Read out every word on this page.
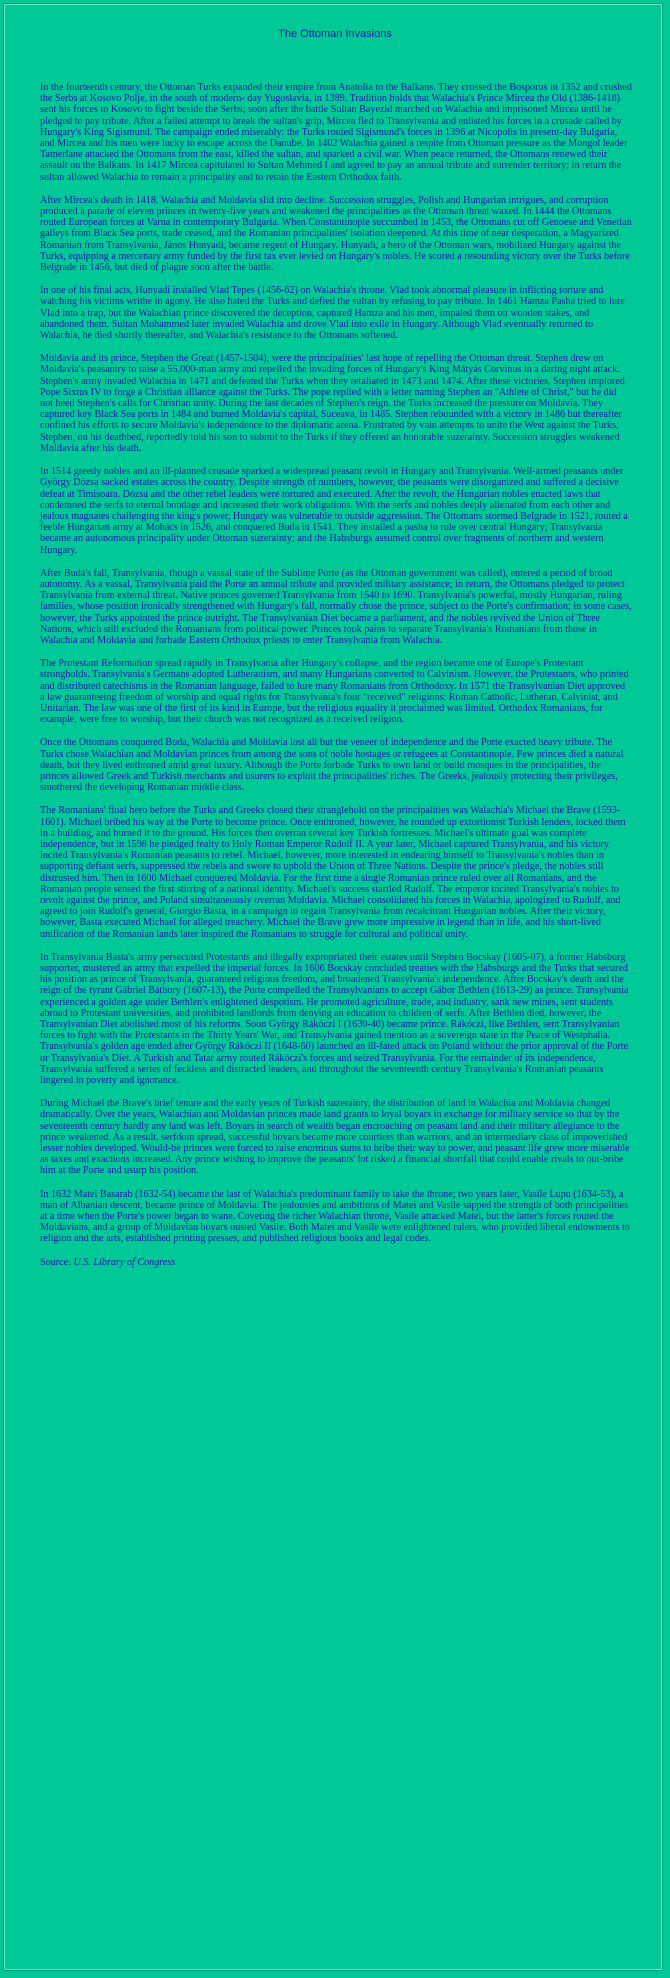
The Ottoman Invasions

In the fourteenth century, the Ottoman Turks expanded their empire from Anatolia to the Balkans. They crossed the Bosporus in 1352 and crushed the Serbs at Kosovo Polje, in the south of modern- day Yugoslavia, in 1389. Tradition holds that Walachia's Prince Mircea the Old (1386-1418) sent his forces to Kosovo to fight beside the Serbs; soon after the battle Sultan Bayezid marched on Walachia and imprisoned Mircea until he pledged to pay tribute. After a failed attempt to break the sultan's grip, Mircea fled to Transylvania and enlisted his forces in a crusade called by Hungary's King Sigismund. The campaign ended miserably: the Turks routed Sigismund's forces in 1396 at Nicopolis in present-day Bulgaria, and Mircea and his men were lucky to escape across the Danube. In 1402 Walachia gained a respite from Ottoman pressure as the Mongol leader Tamerlane attacked the Ottomans from the east, killed the sultan, and sparked a civil war. When peace returned, the Ottomans renewed their assault on the Balkans. In 1417 Mircea capitulated to Sultan Mehmed I and agreed to pay an annual tribute and surrender territory; in return the sultan allowed Walachia to remain a principality and to retain the Eastern Orthodox faith.

After Mircea's death in 1418, Walachia and Moldavia slid into decline. Succession struggles, Polish and Hungarian intrigues, and corruption produced a parade of eleven princes in twenty-five years and weakened the principalities as the Ottoman threat waxed. In 1444 the Ottomans routed European forces at Varna in contemporary Bulgaria. When Constantinople succumbed in 1453, the Ottomans cut off Genoese and Venetian galleys from Black Sea ports, trade ceased, and the Romanian principalities' isolation deepened. At this time of near desperation, a Magyarized Romanian from Transylvania, János Hunyadi, became regent of Hungary. Hunyadi, a hero of the Ottoman wars, mobilized Hungary against the Turks, equipping a mercenary army funded by the first tax ever levied on Hungary's nobles. He scored a resounding victory over the Turks before Belgrade in 1456, but died of plague soon after the battle.

In one of his final acts, Hunyadi installed Vlad Tepes (1456-62) on Walachia's throne. Vlad took abnormal pleasure in inflicting torture and watching his victims writhe in agony. He also hated the Turks and defied the sultan by refusing to pay tribute. In 1461 Hamza Pasha tried to lure Vlad into a trap, but the Walachian prince discovered the deception, captured Hamza and his men, impaled them on wooden stakes, and abandoned them. Sultan Mohammed later invaded Walachia and drove Vlad into exile in Hungary. Although Vlad eventually returned to Walachia, he died shortly thereafter, and Walachia's resistance to the Ottomans softened.

Moldavia and its prince, Stephen the Great (1457-1504), were the principalities' last hope of repelling the Ottoman threat. Stephen drew on Moldavia's peasantry to raise a 55,000-man army and repelled the invading forces of Hungary's King Mátyás Corvinus in a daring night attack. Stephen's army invaded Walachia in 1471 and defeated the Turks when they retaliated in 1473 and 1474. After these victories, Stephen implored Pope Sixtus IV to forge a Christian alliance against the Turks. The pope replied with a letter naming Stephen an "Athlete of Christ," but he did not heed Stephen's calls for Christian unity. During the last decades of Stephen's reign, the Turks increased the pressure on Moldavia. They captured key Black Sea ports in 1484 and burned Moldavia's capital, Suceava, in 1485. Stephen rebounded with a victory in 1486 but thereafter confined his efforts to secure Moldavia's independence to the diplomatic arena. Frustrated by vain attempts to unite the West against the Turks, Stephen, on his deathbed, reportedly told his son to submit to the Turks if they offered an honorable suzerainty. Succession struggles weakened Moldavia after his death.

In 1514 greedy nobles and an ill-planned crusade sparked a widespread peasant revolt in Hungary and Transylvania. Well-armed peasants under György Dózsa sacked estates across the country. Despite strength of numbers, however, the peasants were disorganized and suffered a decisive defeat at Timisoara. Dózsa and the other rebel leaders were tortured and executed. After the revolt, the Hungarian nobles enacted laws that condemned the serfs to eternal bondage and increased their work obligations. With the serfs and nobles deeply alienated from each other and jealous magnates challenging the king's power, Hungary was vulnerable to outside aggression. The Ottomans stormed Belgrade in 1521, routed a feeble Hungarian army at Mohács in 1526, and conquered Buda in 1541. They installed a pasha to rule over central Hungary; Transylvania became an autonomous principality under Ottoman suzerainty; and the Habsburgs assumed control over fragments of northern and western Hungary.

After Buda's fall, Transylvania, though a vassal state of the Sublime Porte (as the Ottoman government was called), entered a period of broad autonomy. As a vassal, Transylvania paid the Porte an annual tribute and provided military assistance; in return, the Ottomans pledged to protect Transylvania from external threat. Native princes governed Transylvania from 1540 to 1690. Transylvania's powerful, mostly Hungarian, ruling families, whose position ironically strengthened with Hungary's fall, normally chose the prince, subject to the Porte's confirmation; in some cases, however, the Turks appointed the prince outright. The Transylvanian Diet became a parliament, and the nobles revived the Union of Three Nations, which still excluded the Romanians from political power. Princes took pains to separate Transylvania's Romanians from those in Walachia and Moldavia and forbade Eastern Orthodox priests to enter Transylvania from Walachia.

The Protestant Reformation spread rapidly in Transylvania after Hungary's collapse, and the region became one of Europe's Protestant strongholds. Transylvania's Germans adopted Lutheranism, and many Hungarians converted to Calvinism. However, the Protestants, who printed and distributed catechisms in the Romanian language, failed to lure many Romanians from Orthodoxy. In 1571 the Transylvanian Diet approved a law guaranteeing freedom of worship and equal rights for Transylvania's four "received" religions: Roman Catholic, Lutheran, Calvinist, and Unitarian. The law was one of the first of its kind in Europe, but the religious equality it proclaimed was limited. Orthodox Romanians, for example, were free to worship, but their church was not recognized as a received religion.

Once the Ottomans conquered Buda, Walachia and Moldavia lost all but the veneer of independence and the Porte exacted heavy tribute. The Turks chose Walachian and Moldavian princes from among the sons of noble hostages or refugees at Constantinople. Few princes died a natural death, but they lived enthroned amid great luxury. Although the Porte forbade Turks to own land or build mosques in the principalities, the princes allowed Greek and Turkish merchants and usurers to exploit the principalities' riches. The Greeks, jealously protecting their privileges, smothered the developing Romanian middle class.

The Romanians' final hero before the Turks and Greeks closed their stranglehold on the principalities was Walachia's Michael the Brave (1593-1601). Michael bribed his way at the Porte to become prince. Once enthroned, however, he rounded up extortionist Turkish lenders, locked them in a building, and burned it to the ground. His forces then overran several key Turkish fortresses. Michael's ultimate goal was complete independence, but in 1598 he pledged fealty to Holy Roman Emperor Rudolf II. A year later, Michael captured Transylvania, and his victory incited Transylvania's Romanian peasants to rebel. Michael, however, more interested in endearing himself to Transylvania's nobles than in supporting defiant serfs, suppressed the rebels and swore to uphold the Union of Three Nations. Despite the prince's pledge, the nobles still distrusted him. Then in 1600 Michael conquered Moldavia. For the first time a single Romanian prince ruled over all Romanians, and the Romanian people sensed the first stirring of a national identity. Michael's success startled Rudolf. The emperor incited Transylvania's nobles to revolt against the prince, and Poland simultaneously overran Moldavia. Michael consolidated his forces in Walachia, apologized to Rudolf, and agreed to join Rudolf's general, Giorgio Basta, in a campaign to regain Transylvania from recalcitrant Hungarian nobles. After their victory, however, Basta executed Michael for alleged treachery. Michael the Brave grew more impressive in legend than in life, and his short-lived unification of the Romanian lands later inspired the Romanians to struggle for cultural and political unity.

In Transylvania Basta's army persecuted Protestants and illegally expropriated their estates until Stephen Bocskay (1605-07), a former Habsburg supporter, mustered an army that expelled the imperial forces. In 1606 Bocskay concluded treaties with the Habsburgs and the Turks that secured his position as prince of Transylvania, guaranteed religious freedom, and broadened Transylvania's independence. After Bocskay's death and the reign of the tyrant Gábriel Báthory (1607-13), the Porte compelled the Transylvanians to accept Gábor Bethlen (1613-29) as prince. Transylvania experienced a golden age under Bethlen's enlightened despotism. He promoted agriculture, trade, and industry, sank new mines, sent students abroad to Protestant universities, and prohibited landlords from denying an education to children of serfs. After Bethlen died, however, the Transylvanian Diet abolished most of his reforms. Soon György Rákóczi I (1630-40) became prince. Rákóczi, like Bethlen, sent Transylvanian forces to fight with the Protestants in the Thirty Years' War, and Transylvania gained mention as a sovereign state in the Peace of Westphalia. Transylvania's golden age ended after György Rákóczi II (1648-60) launched an ill-fated attack on Poland without the prior approval of the Porte or Transylvania's Diet. A Turkish and Tatar army routed Rákóczi's forces and seized Transylvania. For the remainder of its independence, Transylvania suffered a series of feckless and distracted leaders, and throughout the seventeenth century Transylvania's Romanian peasants lingered in poverty and ignorance.

During Michael the Brave's brief tenure and the early years of Turkish suzerainty, the distribution of land in Walachia and Moldavia changed dramatically. Over the years, Walachian and Moldavian princes made land grants to loyal boyars in exchange for military service so that by the seventeenth century hardly any land was left. Boyars in search of wealth began encroaching on peasant land and their military allegiance to the prince weakened. As a result, serfdom spread, successful boyars became more courtiers than warriors, and an intermediary class of impoverished lesser nobles developed. Would-be princes were forced to raise enormous sums to bribe their way to power, and peasant life grew more miserable as taxes and exactions increased. Any prince wishing to improve the peasants' lot risked a financial shortfall that could enable rivals to out-bribe him at the Porte and usurp his position.

In 1632 Matei Basarab (1632-54) became the last of Walachia's predominant family to take the throne; two years later, Vasile Lupu (1634-53), a man of Albanian descent, became prince of Moldavia. The jealousies and ambitions of Matei and Vasile sapped the strength of both principalities at a time when the Porte's power began to wane. Coveting the richer Walachian throne, Vasile attacked Matei, but the latter's forces routed the Moldavians, and a group of Moldavian boyars ousted Vasile. Both Matei and Vasile were enlightened rulers, who provided liberal endowments to religion and the arts, established printing presses, and published religious books and legal codes.

Source: U.S. Library of Congress
